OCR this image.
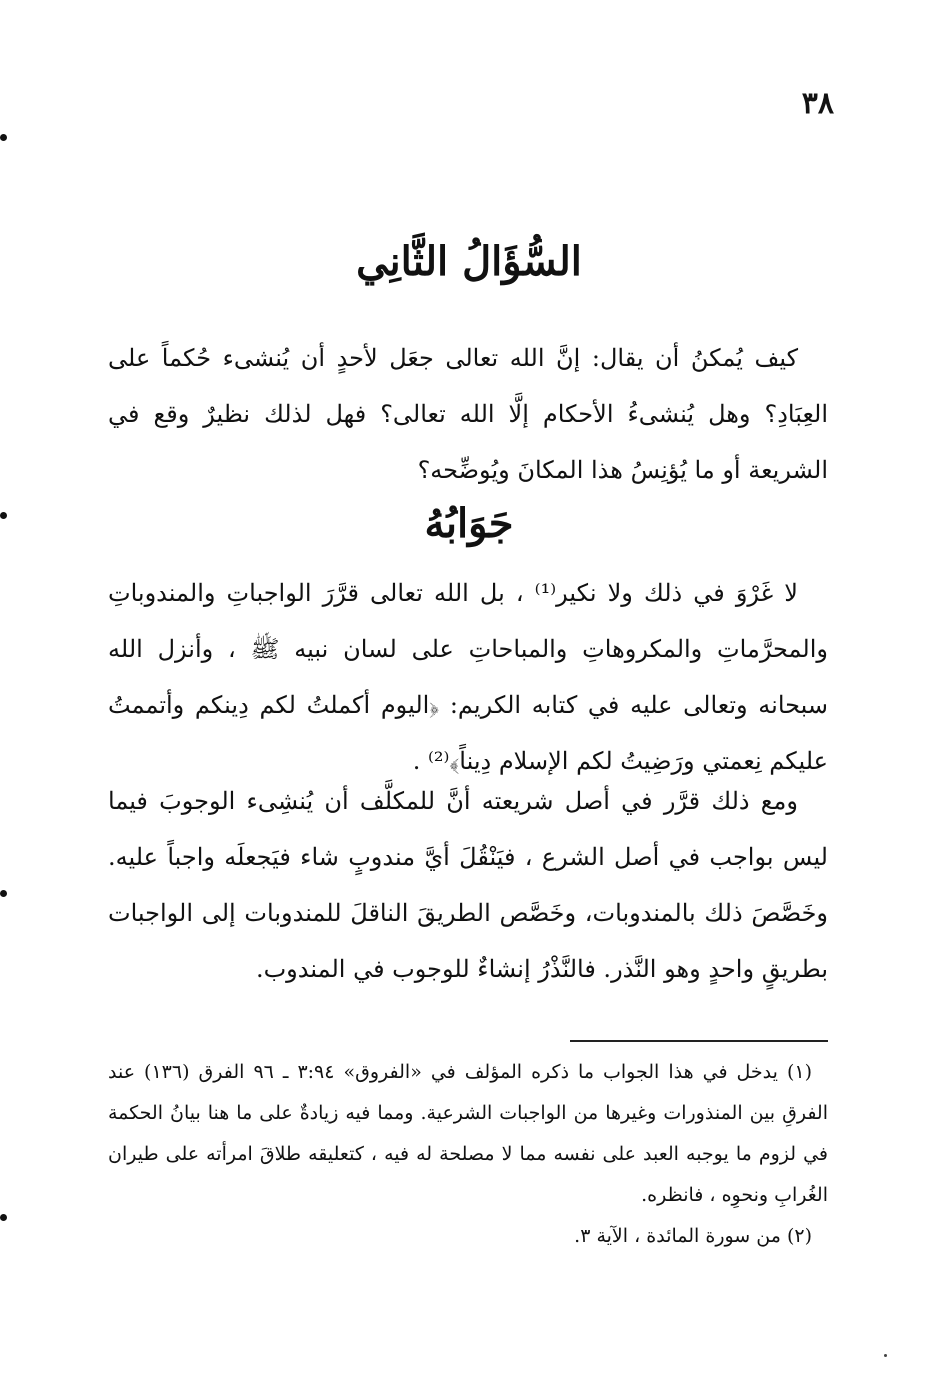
٣٨
السُّؤَالُ الثَّانِي

كيف يُمكنُ أن يقال: إنَّ الله تعالى جعَل لأحدٍ أن يُنشىء حُكماً على العِبَادِ؟ وهل يُنشىءُ الأحكام إلَّا الله تعالى؟ فهل لذلك نظيرٌ وقع في الشريعة أو ما يُؤنِسُ هذا المكانَ ويُوضِّحه؟

جَوَابُهُ

لا غَرْوَ في ذلك ولا نكير⁽¹⁾ ، بل الله تعالى قرَّرَ الواجباتِ والمندوباتِ والمحرَّماتِ والمكروهاتِ والمباحاتِ على لسان نبيه ﷺ ، وأنزل الله سبحانه وتعالى عليه في كتابه الكريم: ﴿اليوم أكملتُ لكم دِينكم وأتممتُ عليكم نِعمتي ورَضِيتُ لكم الإسلام دِيناً﴾⁽²⁾ .

ومع ذلك قرَّر في أصل شريعته أنَّ للمكلَّف أن يُنشِىء الوجوبَ فيما ليس بواجب في أصل الشرع ، فيَنْقُلَ أيَّ مندوبٍ شاء فيَجعلَه واجباً عليه. وخَصَّصَ ذلك بالمندوبات، وخَصَّص الطريقَ الناقلَ للمندوبات إلى الواجبات بطريقٍ واحدٍ وهو النَّذر. فالنَّذْرُ إنشاءٌ للوجوب في المندوب.

(١) يدخل في هذا الجواب ما ذكره المؤلف في «الفروق» ٣:٩٤ ـ ٩٦ الفرق (١٣٦) عند الفرقِ بين المنذورات وغيرها من الواجبات الشرعية. ومما فيه زيادةٌ على ما هنا بيانُ الحكمة في لزوم ما يوجبه العبد على نفسه مما لا مصلحة له فيه ، كتعليقه طلاقَ امرأته على طيران الغُرابِ ونحوِه ، فانظره.

(٢) من سورة المائدة ، الآية ٣.
